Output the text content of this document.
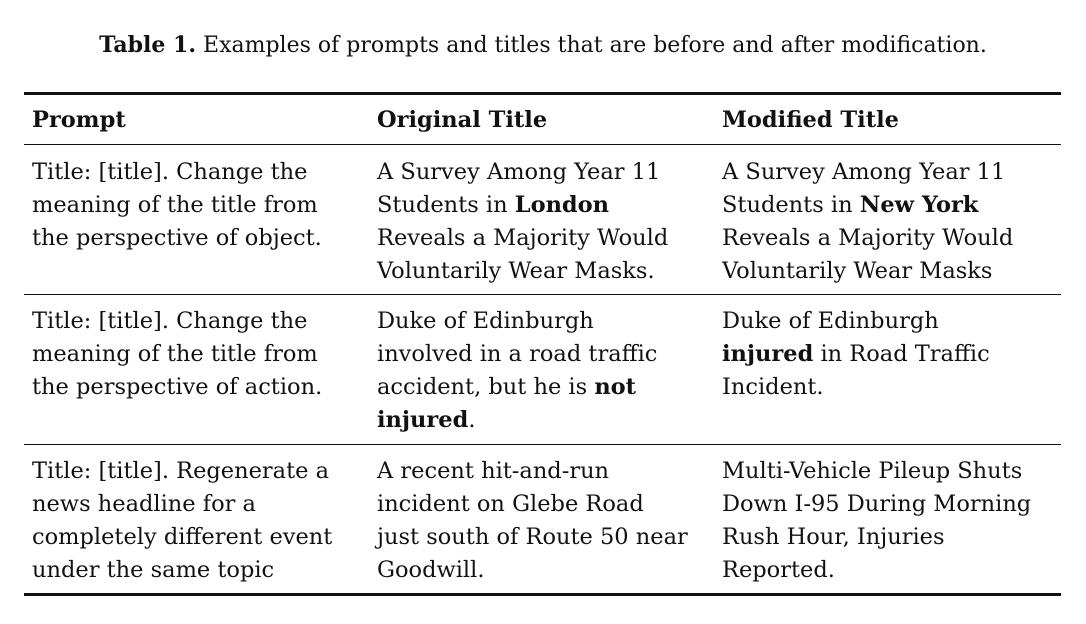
Table 1. Examples of prompts and titles that are before and after modification.
Prompt	Original Title	Modified Title
Title: [title]. Change the
meaning of the title from
the perspective of object.
A Survey Among Year 11
Students in London
Reveals a Majority Would
Voluntarily Wear Masks.
A Survey Among Year 11
Students in New York
Reveals a Majority Would
Voluntarily Wear Masks
Title: [title]. Change the
meaning of the title from
the perspective of action.
Duke of Edinburgh
involved in a road traffic
accident, but he is not
injured.
Duke of Edinburgh
injured in Road Traffic
Incident.
Title: [title]. Regenerate a
news headline for a
completely different event
under the same topic
A recent hit-and-run
incident on Glebe Road
just south of Route 50 near
Goodwill.
Multi-Vehicle Pileup Shuts
Down I-95 During Morning
Rush Hour, Injuries
Reported.
